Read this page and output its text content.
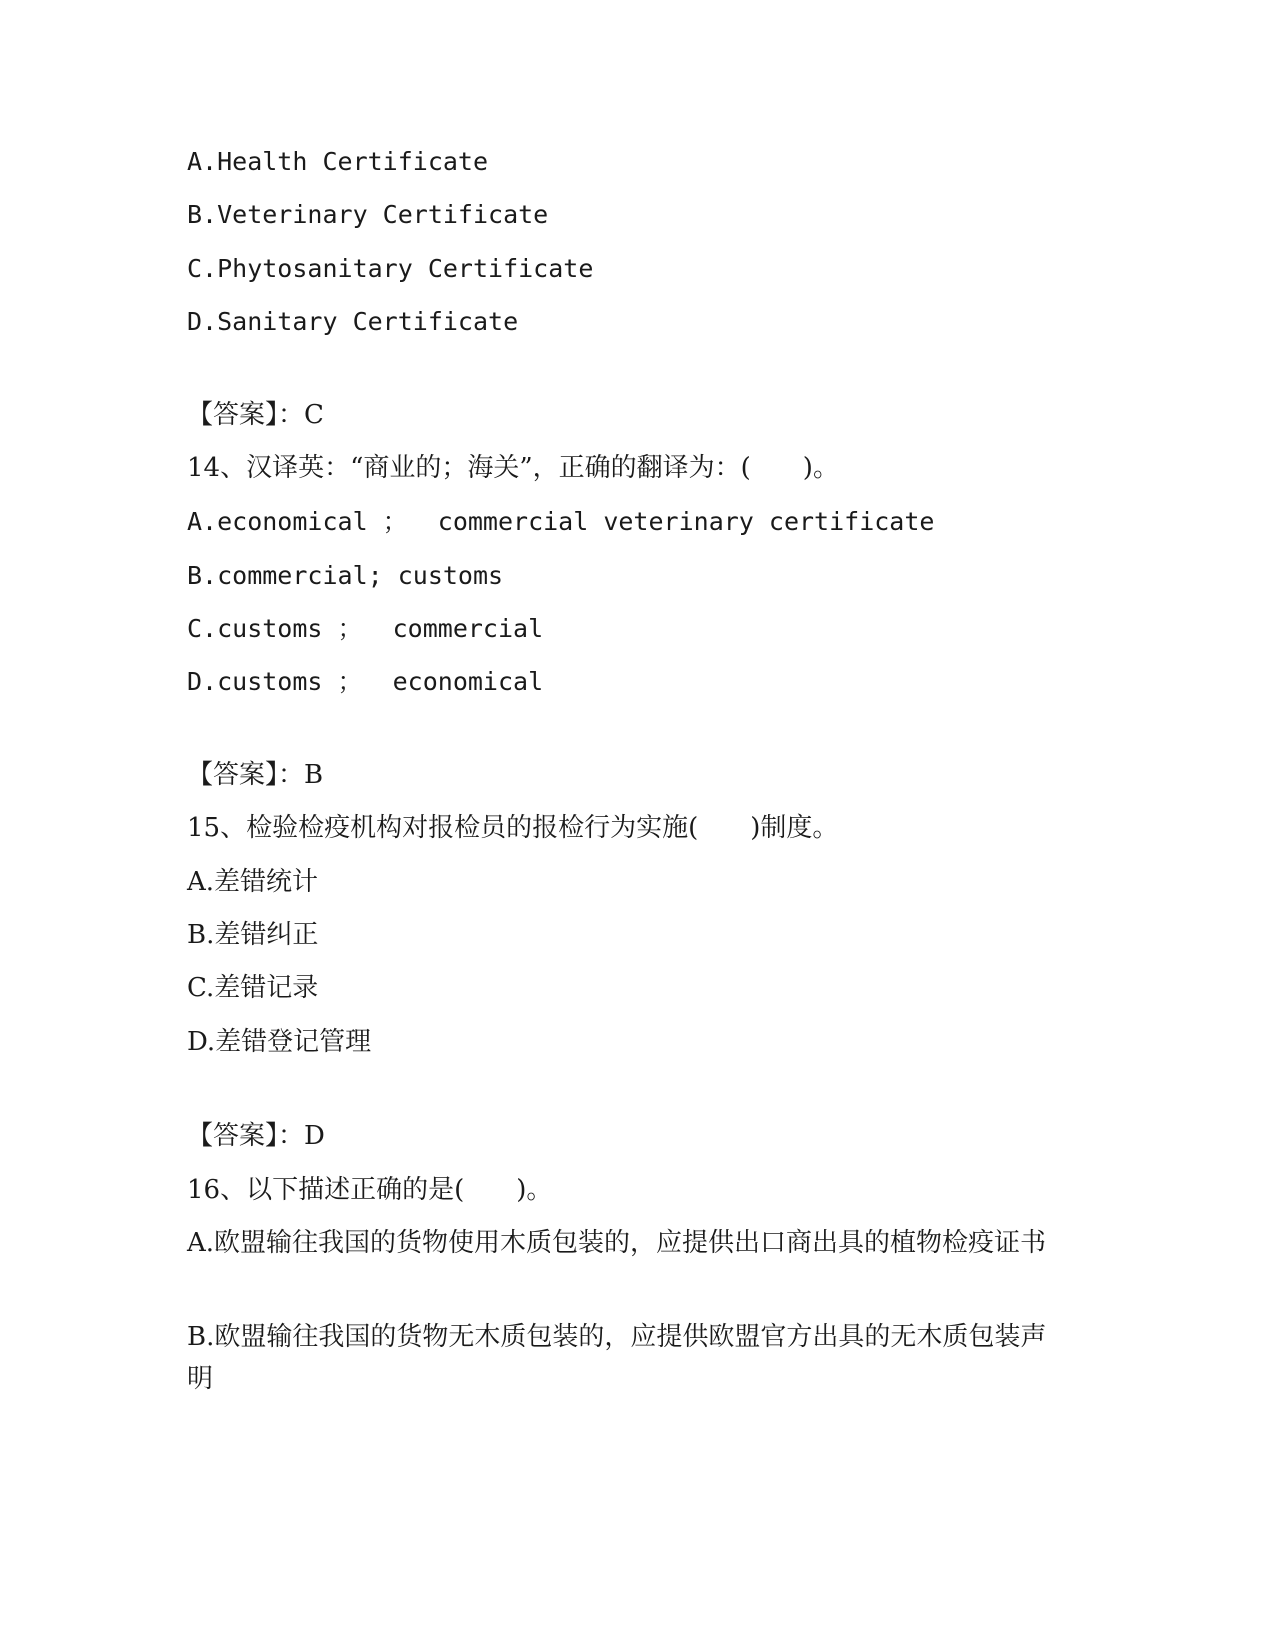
A.Health Certificate
B.Veterinary Certificate
C.Phytosanitary Certificate
D.Sanitary Certificate
【答案】：C
14、汉译英：“商业的；海关”，正确的翻译为：(　　)。
A.economical ；  commercial veterinary certificate
B.commercial; customs
C.customs ；  commercial
D.customs ；  economical
【答案】：B
15、检验检疫机构对报检员的报检行为实施(　　)制度。
A.差错统计
B.差错纠正
C.差错记录
D.差错登记管理
【答案】：D
16、以下描述正确的是(　　)。
A.欧盟输往我国的货物使用木质包装的，应提供出口商出具的植物检疫证书
B.欧盟输往我国的货物无木质包装的，应提供欧盟官方出具的无木质包装声明
